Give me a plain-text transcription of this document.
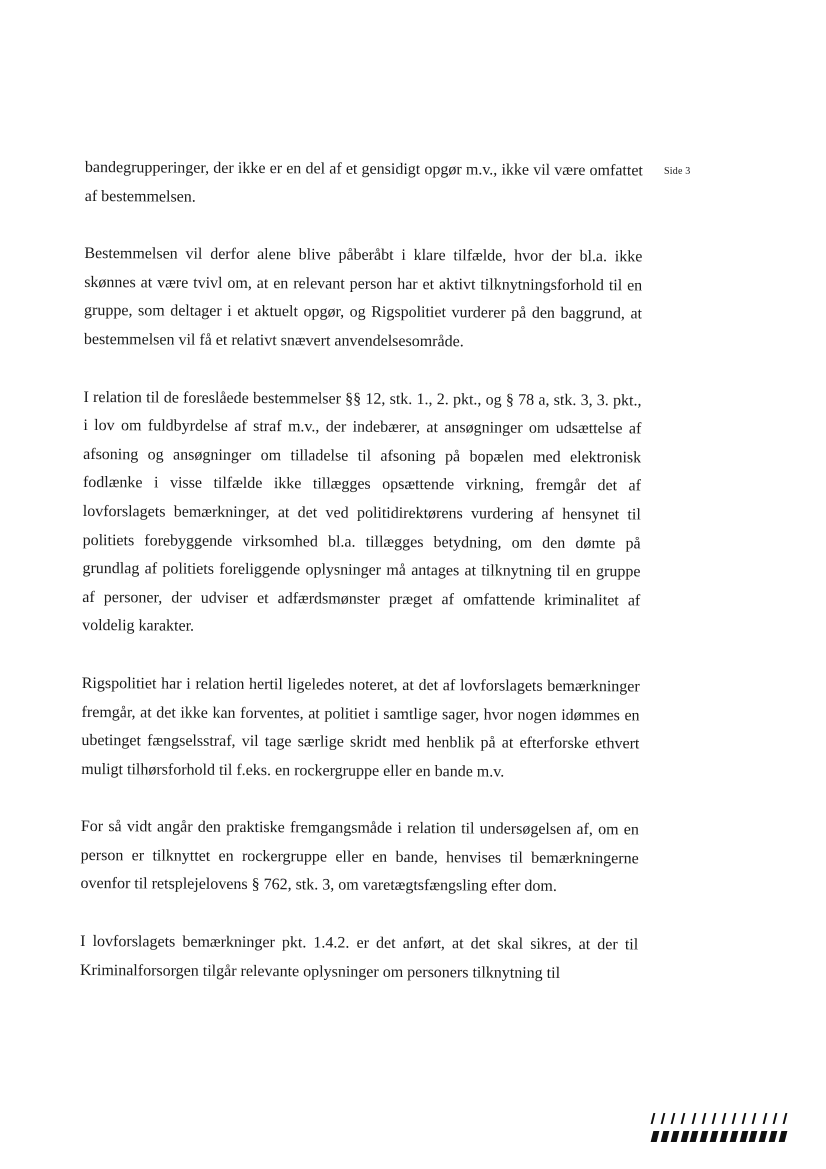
Side 3

bandegrupperinger, der ikke er en del af et gensidigt opgør m.v., ikke vil være omfattet af bestemmelsen.

Bestemmelsen vil derfor alene blive påberåbt i klare tilfælde, hvor der bl.a. ikke skønnes at være tvivl om, at en relevant person har et aktivt tilknytningsforhold til en gruppe, som deltager i et aktuelt opgør, og Rigspolitiet vurderer på den baggrund, at bestemmelsen vil få et relativt snævert anvendelsesområde.

I relation til de foreslåede bestemmelser §§ 12, stk. 1., 2. pkt., og § 78 a, stk. 3, 3. pkt., i lov om fuldbyrdelse af straf m.v., der indebærer, at ansøgninger om udsættelse af afsoning og ansøgninger om tilladelse til afsoning på bopælen med elektronisk fodlænke i visse tilfælde ikke tillægges opsættende virkning, fremgår det af lovforslagets bemærkninger, at det ved politidirektørens vurdering af hensynet til politiets forebyggende virksomhed bl.a. tillægges betydning, om den dømte på grundlag af politiets foreliggende oplysninger må antages at tilknytning til en gruppe af personer, der udviser et adfærdsmønster præget af omfattende kriminalitet af voldelig karakter.

Rigspolitiet har i relation hertil ligeledes noteret, at det af lovforslagets bemærkninger fremgår, at det ikke kan forventes, at politiet i samtlige sager, hvor nogen idømmes en ubetinget fængselsstraf, vil tage særlige skridt med henblik på at efterforske ethvert muligt tilhørsforhold til f.eks. en rockergruppe eller en bande m.v.

For så vidt angår den praktiske fremgangsmåde i relation til undersøgelsen af, om en person er tilknyttet en rockergruppe eller en bande, henvises til bemærkningerne ovenfor til retsplejelovens § 762, stk. 3, om varetægtsfængsling efter dom.

I lovforslagets bemærkninger pkt. 1.4.2. er det anført, at det skal sikres, at der til Kriminalforsorgen tilgår relevante oplysninger om personers tilknytning til
